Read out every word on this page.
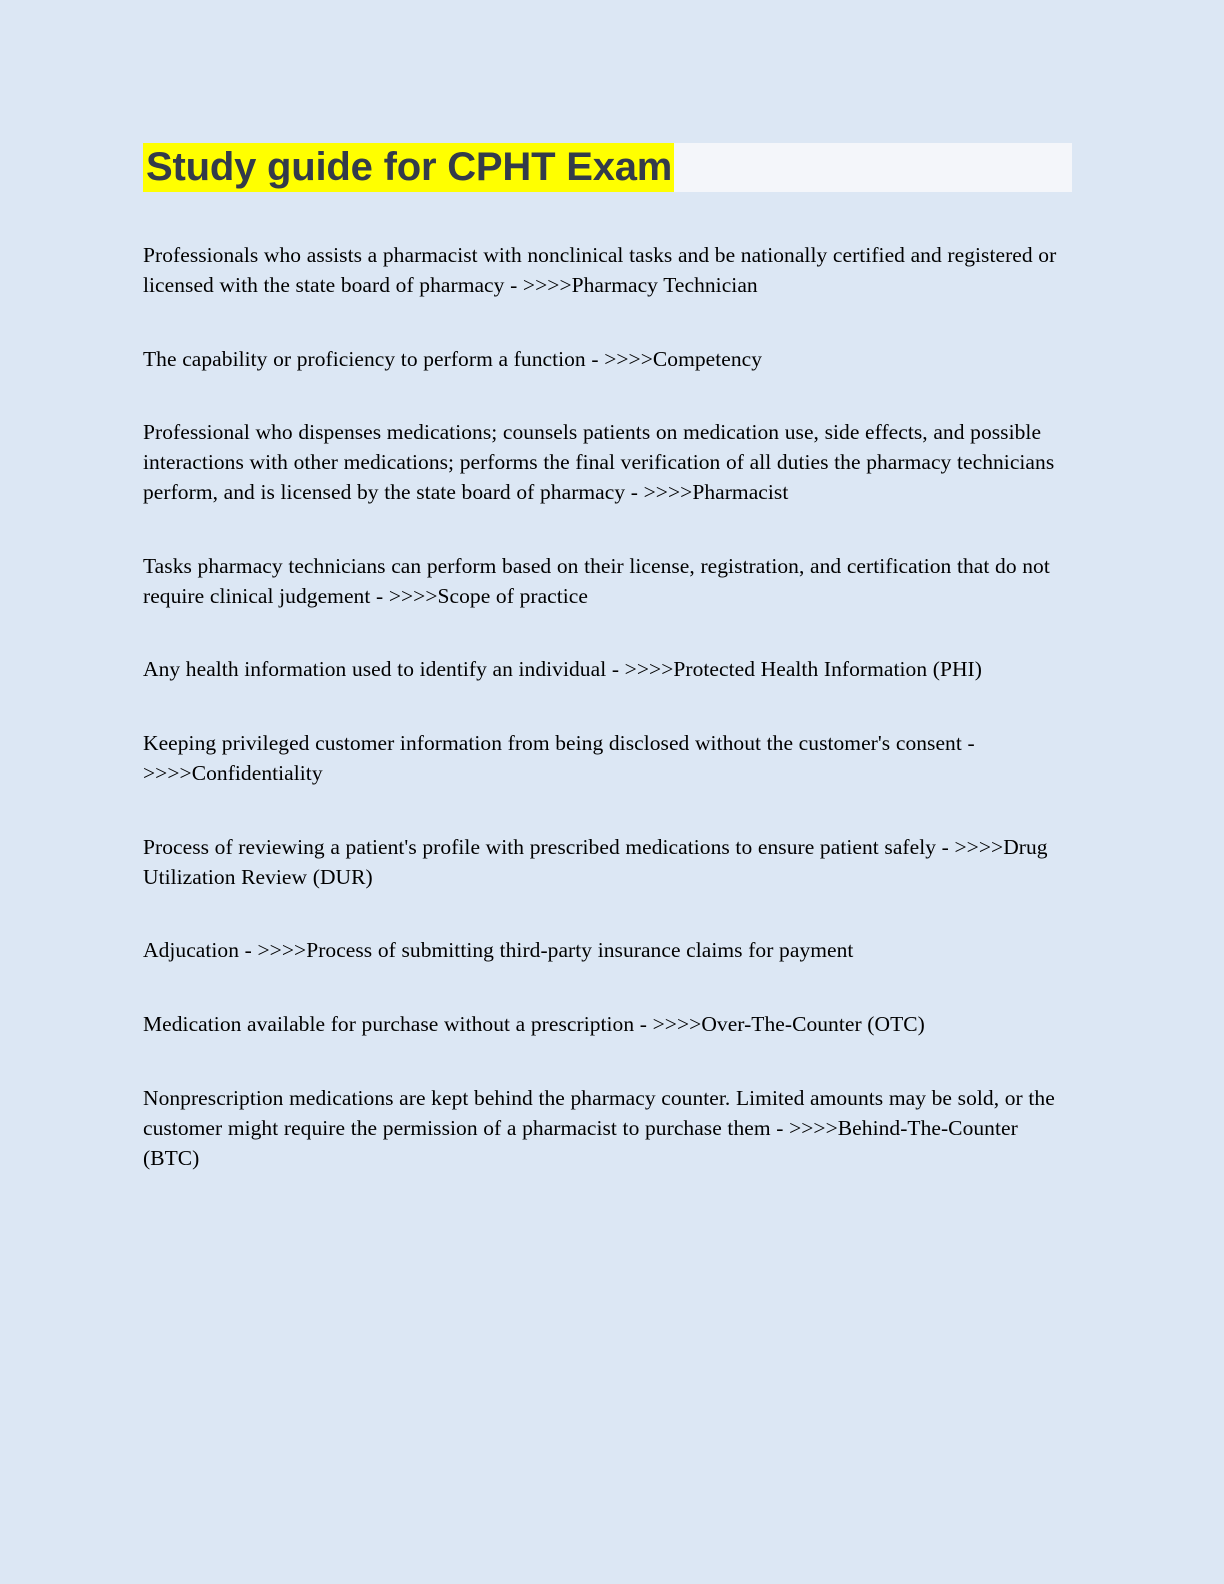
Study guide for CPHT Exam

Professionals who assists a pharmacist with nonclinical tasks and be nationally certified and registered or licensed with the state board of pharmacy - >>>>Pharmacy Technician

The capability or proficiency to perform a function - >>>>Competency

Professional who dispenses medications; counsels patients on medication use, side effects, and possible interactions with other medications; performs the final verification of all duties the pharmacy technicians perform, and is licensed by the state board of pharmacy - >>>>Pharmacist

Tasks pharmacy technicians can perform based on their license, registration, and certification that do not require clinical judgement - >>>>Scope of practice

Any health information used to identify an individual - >>>>Protected Health Information (PHI)

Keeping privileged customer information from being disclosed without the customer's consent - >>>>Confidentiality

Process of reviewing a patient's profile with prescribed medications to ensure patient safely - >>>>Drug Utilization Review (DUR)

Adjucation - >>>>Process of submitting third-party insurance claims for payment

Medication available for purchase without a prescription - >>>>Over-The-Counter (OTC)

Nonprescription medications are kept behind the pharmacy counter. Limited amounts may be sold, or the customer might require the permission of a pharmacist to purchase them - >>>>Behind-The-Counter (BTC)
